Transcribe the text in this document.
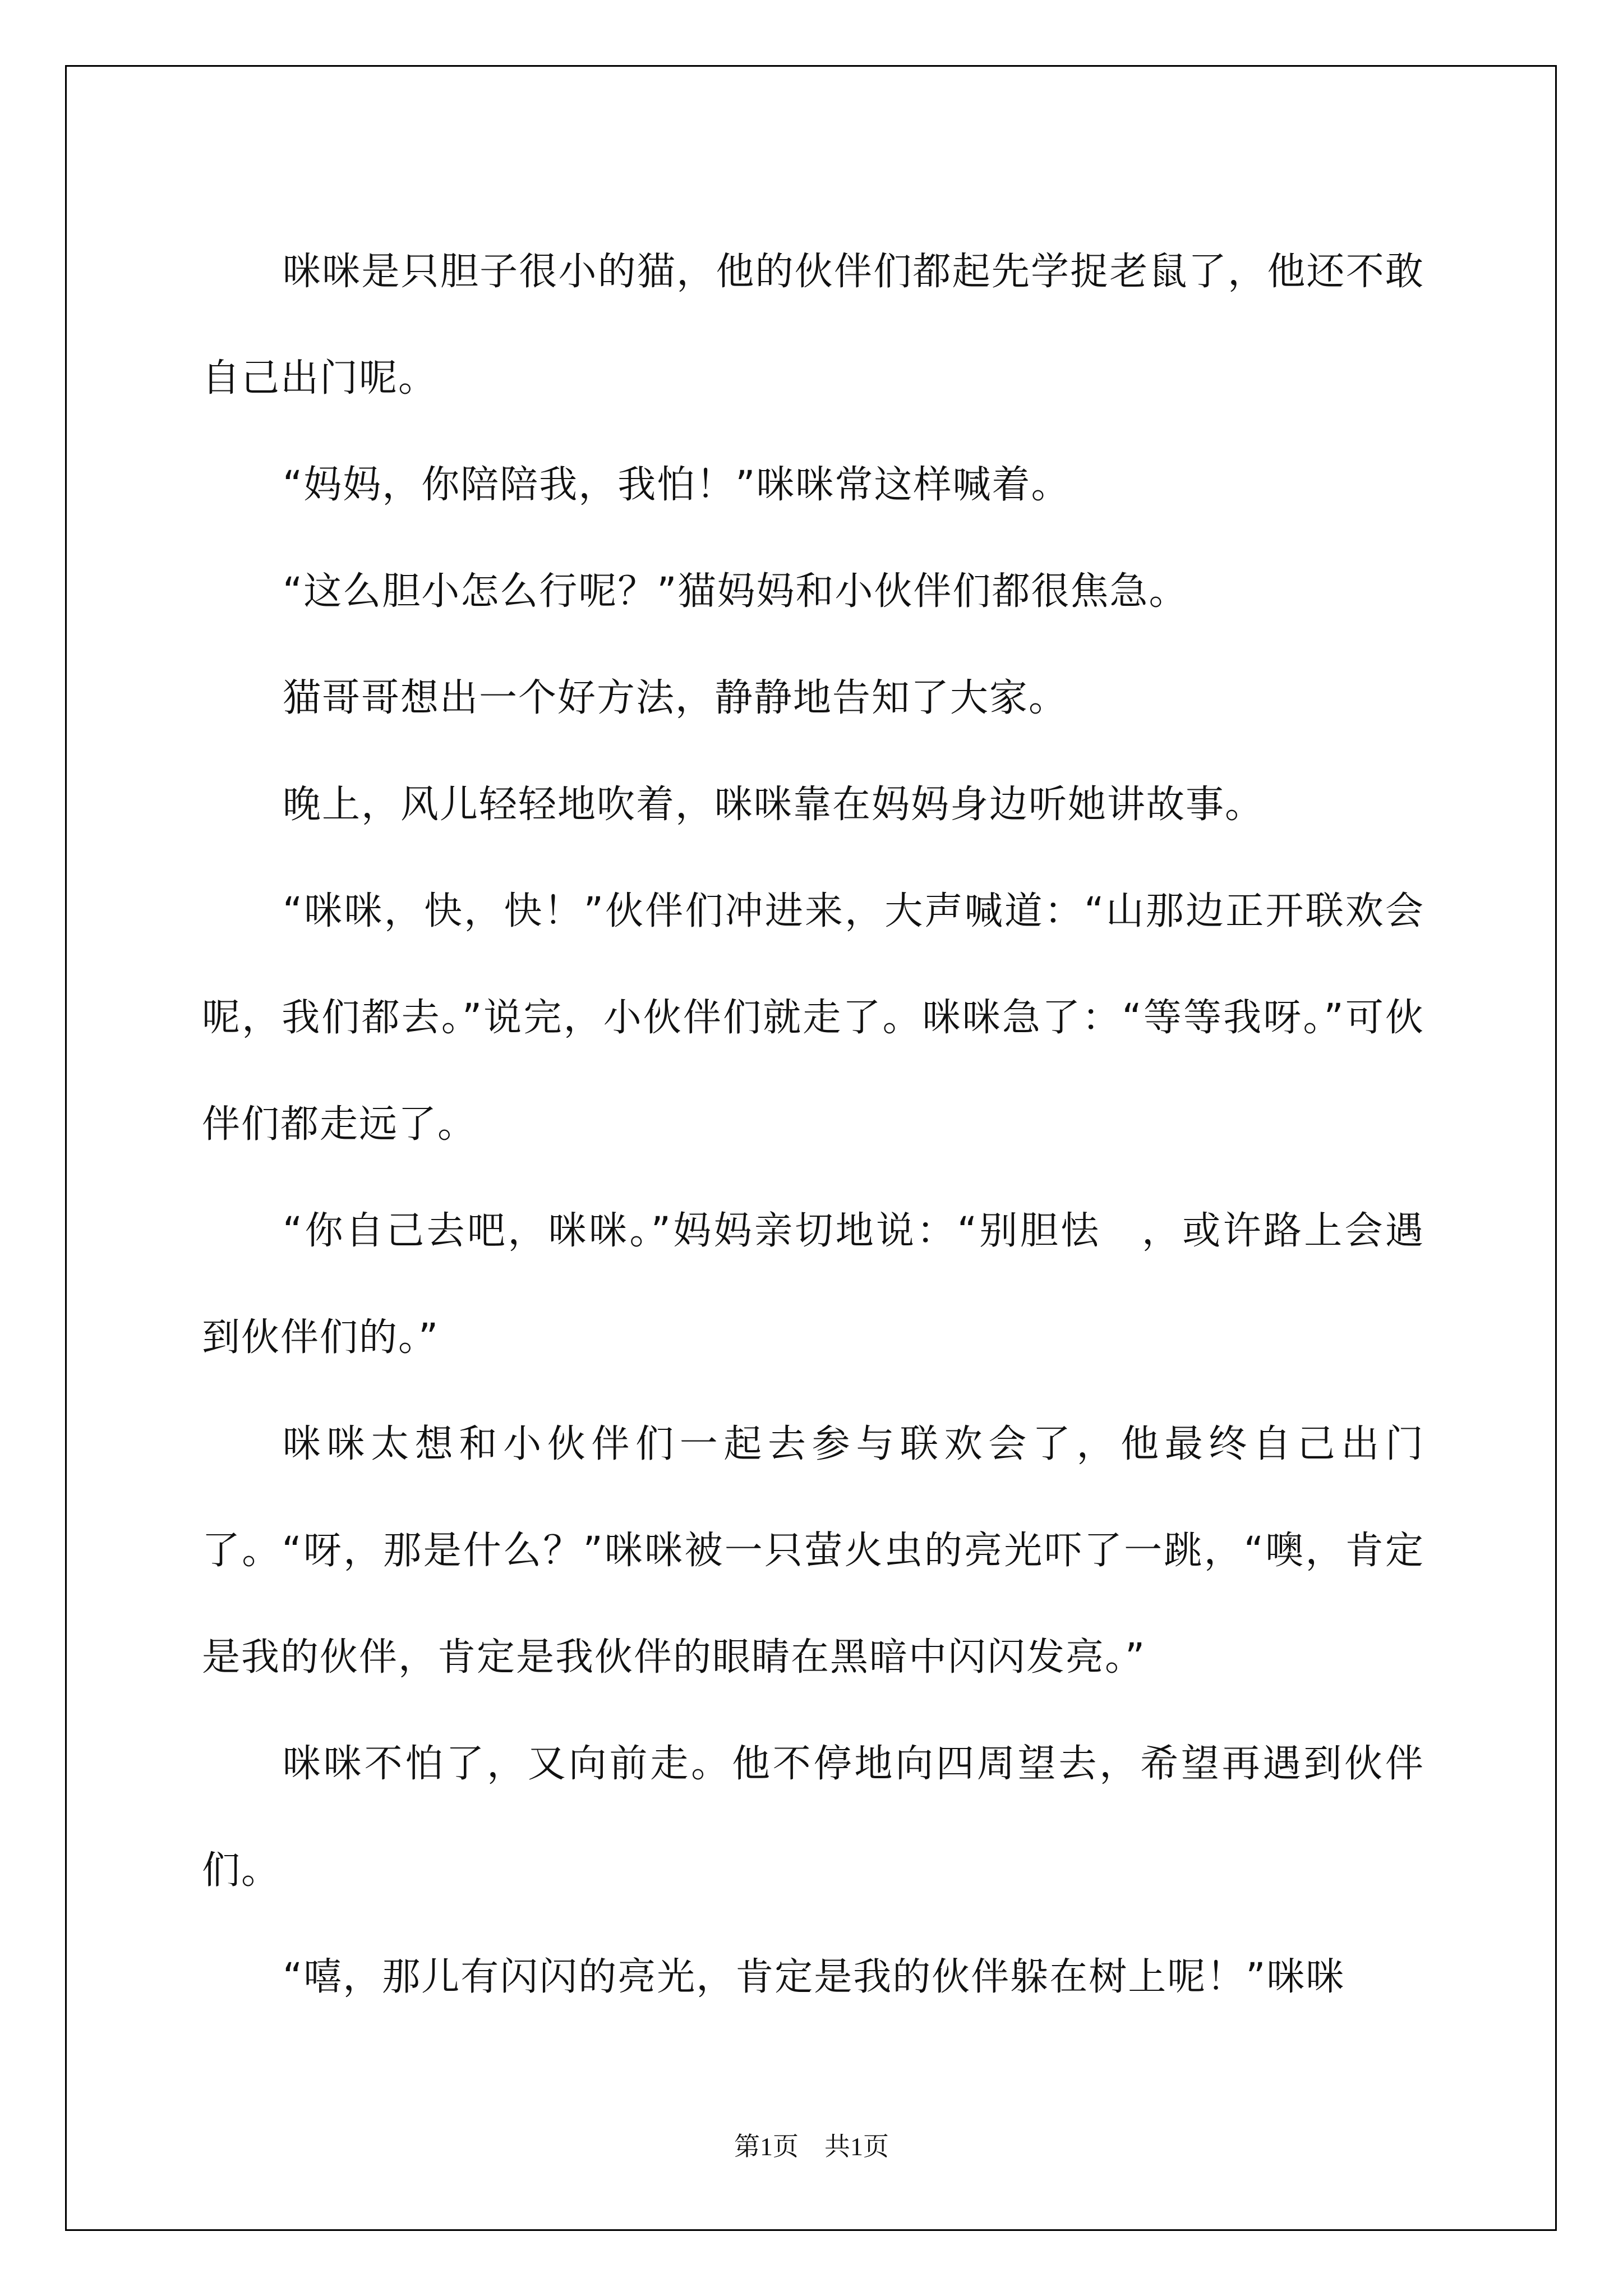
咪咪是只胆子很小的猫，他的伙伴们都起先学捉老鼠了，他还不敢自己出门呢。

“妈妈，你陪陪我，我怕！”咪咪常这样喊着。

“这么胆小怎么行呢？”猫妈妈和小伙伴们都很焦急。

猫哥哥想出一个好方法，静静地告知了大家。

晚上，风儿轻轻地吹着，咪咪靠在妈妈身边听她讲故事。

“咪咪，快，快！”伙伴们冲进来，大声喊道：“山那边正开联欢会呢，我们都去。”说完，小伙伴们就走了。咪咪急了：“等等我呀。”可伙伴们都走远了。

“你自己去吧，咪咪。”妈妈亲切地说：“别胆怯　，或许路上会遇到伙伴们的。”

咪咪太想和小伙伴们一起去参与联欢会了，他最终自己出门了。“呀，那是什么？”咪咪被一只萤火虫的亮光吓了一跳，“噢，肯定是我的伙伴，肯定是我伙伴的眼睛在黑暗中闪闪发亮。”

咪咪不怕了，又向前走。他不停地向四周望去，希望再遇到伙伴们。

“嘻，那儿有闪闪的亮光，肯定是我的伙伴躲在树上呢！”咪咪

第1页　共1页
